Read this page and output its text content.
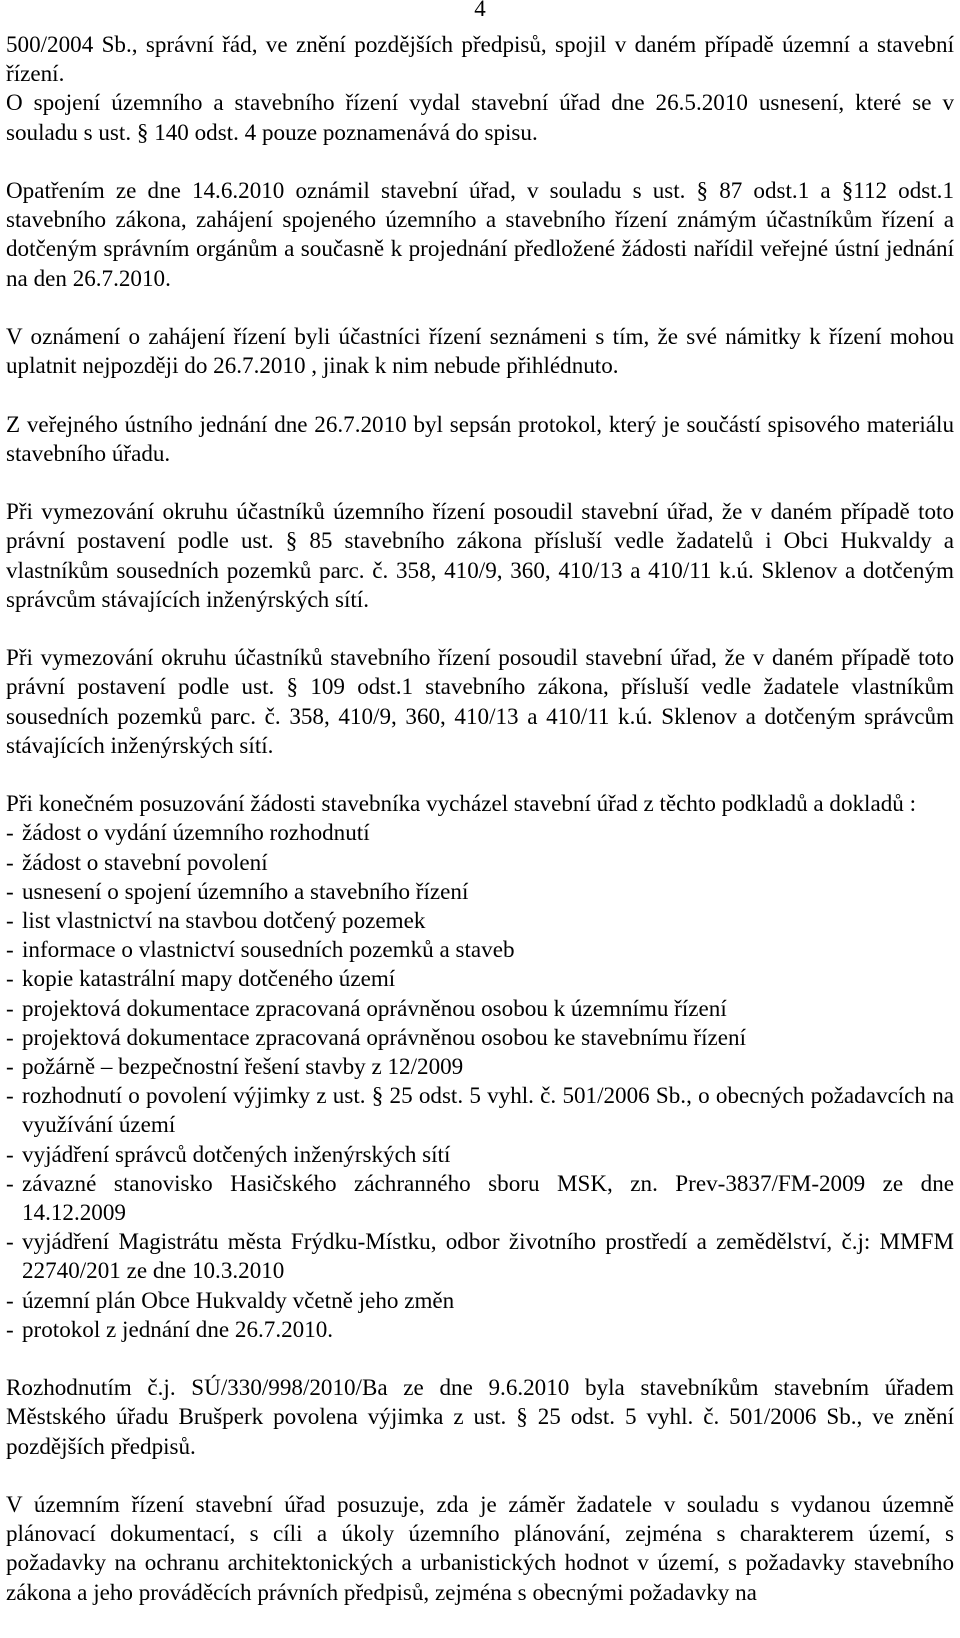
4

500/2004 Sb., správní řád, ve znění pozdějších předpisů, spojil v daném případě územní a stavební řízení.

O spojení územního a stavebního řízení vydal stavební úřad dne 26.5.2010 usnesení, které se v souladu s ust. § 140 odst. 4 pouze poznamenává do spisu.

Opatřením ze dne 14.6.2010 oznámil stavební úřad, v souladu s ust. § 87 odst.1 a §112 odst.1 stavebního zákona, zahájení spojeného územního a stavebního řízení známým účastníkům řízení a dotčeným správním orgánům a současně k projednání předložené žádosti nařídil veřejné ústní jednání na den 26.7.2010.

V oznámení o zahájení řízení byli účastníci řízení seznámeni s tím, že své námitky k řízení mohou uplatnit nejpozději do 26.7.2010 , jinak k nim nebude přihlédnuto.

Z veřejného ústního jednání dne 26.7.2010 byl sepsán protokol, který je součástí spisového materiálu stavebního úřadu.

Při vymezování okruhu účastníků územního řízení posoudil stavební úřad, že v daném případě toto právní postavení podle ust. § 85 stavebního zákona přísluší vedle žadatelů i Obci Hukvaldy a vlastníkům sousedních pozemků parc. č. 358, 410/9, 360, 410/13 a 410/11 k.ú. Sklenov a dotčeným správcům stávajících inženýrských sítí.

Při vymezování okruhu účastníků stavebního řízení posoudil stavební úřad, že v daném případě toto právní postavení podle ust. § 109 odst.1 stavebního zákona, přísluší vedle žadatele vlastníkům sousedních pozemků parc. č. 358, 410/9, 360, 410/13 a 410/11 k.ú. Sklenov a dotčeným správcům stávajících inženýrských sítí.

Při konečném posuzování žádosti stavebníka vycházel stavební úřad z těchto podkladů a dokladů :

- žádost o vydání územního rozhodnutí
- žádost o stavební povolení
- usnesení o spojení územního a stavebního řízení
- list vlastnictví na stavbou dotčený pozemek
- informace o vlastnictví sousedních pozemků a staveb
- kopie katastrální mapy dotčeného území
- projektová dokumentace zpracovaná oprávněnou osobou k územnímu řízení
- projektová dokumentace zpracovaná oprávněnou osobou ke stavebnímu řízení
- požárně – bezpečnostní řešení stavby z 12/2009
- rozhodnutí o povolení výjimky z ust. § 25 odst. 5 vyhl. č. 501/2006 Sb., o obecných požadavcích na využívání území
- vyjádření správců dotčených inženýrských sítí
- závazné stanovisko Hasičského záchranného sboru MSK, zn. Prev-3837/FM-2009 ze dne 14.12.2009
- vyjádření Magistrátu města Frýdku-Místku, odbor životního prostředí a zemědělství, č.j: MMFM 22740/201 ze dne 10.3.2010
- územní plán Obce Hukvaldy včetně jeho změn
- protokol z jednání dne 26.7.2010.

Rozhodnutím č.j. SÚ/330/998/2010/Ba ze dne 9.6.2010 byla stavebníkům stavebním úřadem Městského úřadu Brušperk povolena výjimka z ust. § 25 odst. 5 vyhl. č. 501/2006 Sb., ve znění pozdějších předpisů.

V územním řízení stavební úřad posuzuje, zda je záměr žadatele v souladu s vydanou územně plánovací dokumentací, s cíli a úkoly územního plánování, zejména s charakterem území, s požadavky na ochranu architektonických a urbanistických hodnot v území, s požadavky stavebního zákona a jeho prováděcích právních předpisů, zejména s obecnými požadavky na
